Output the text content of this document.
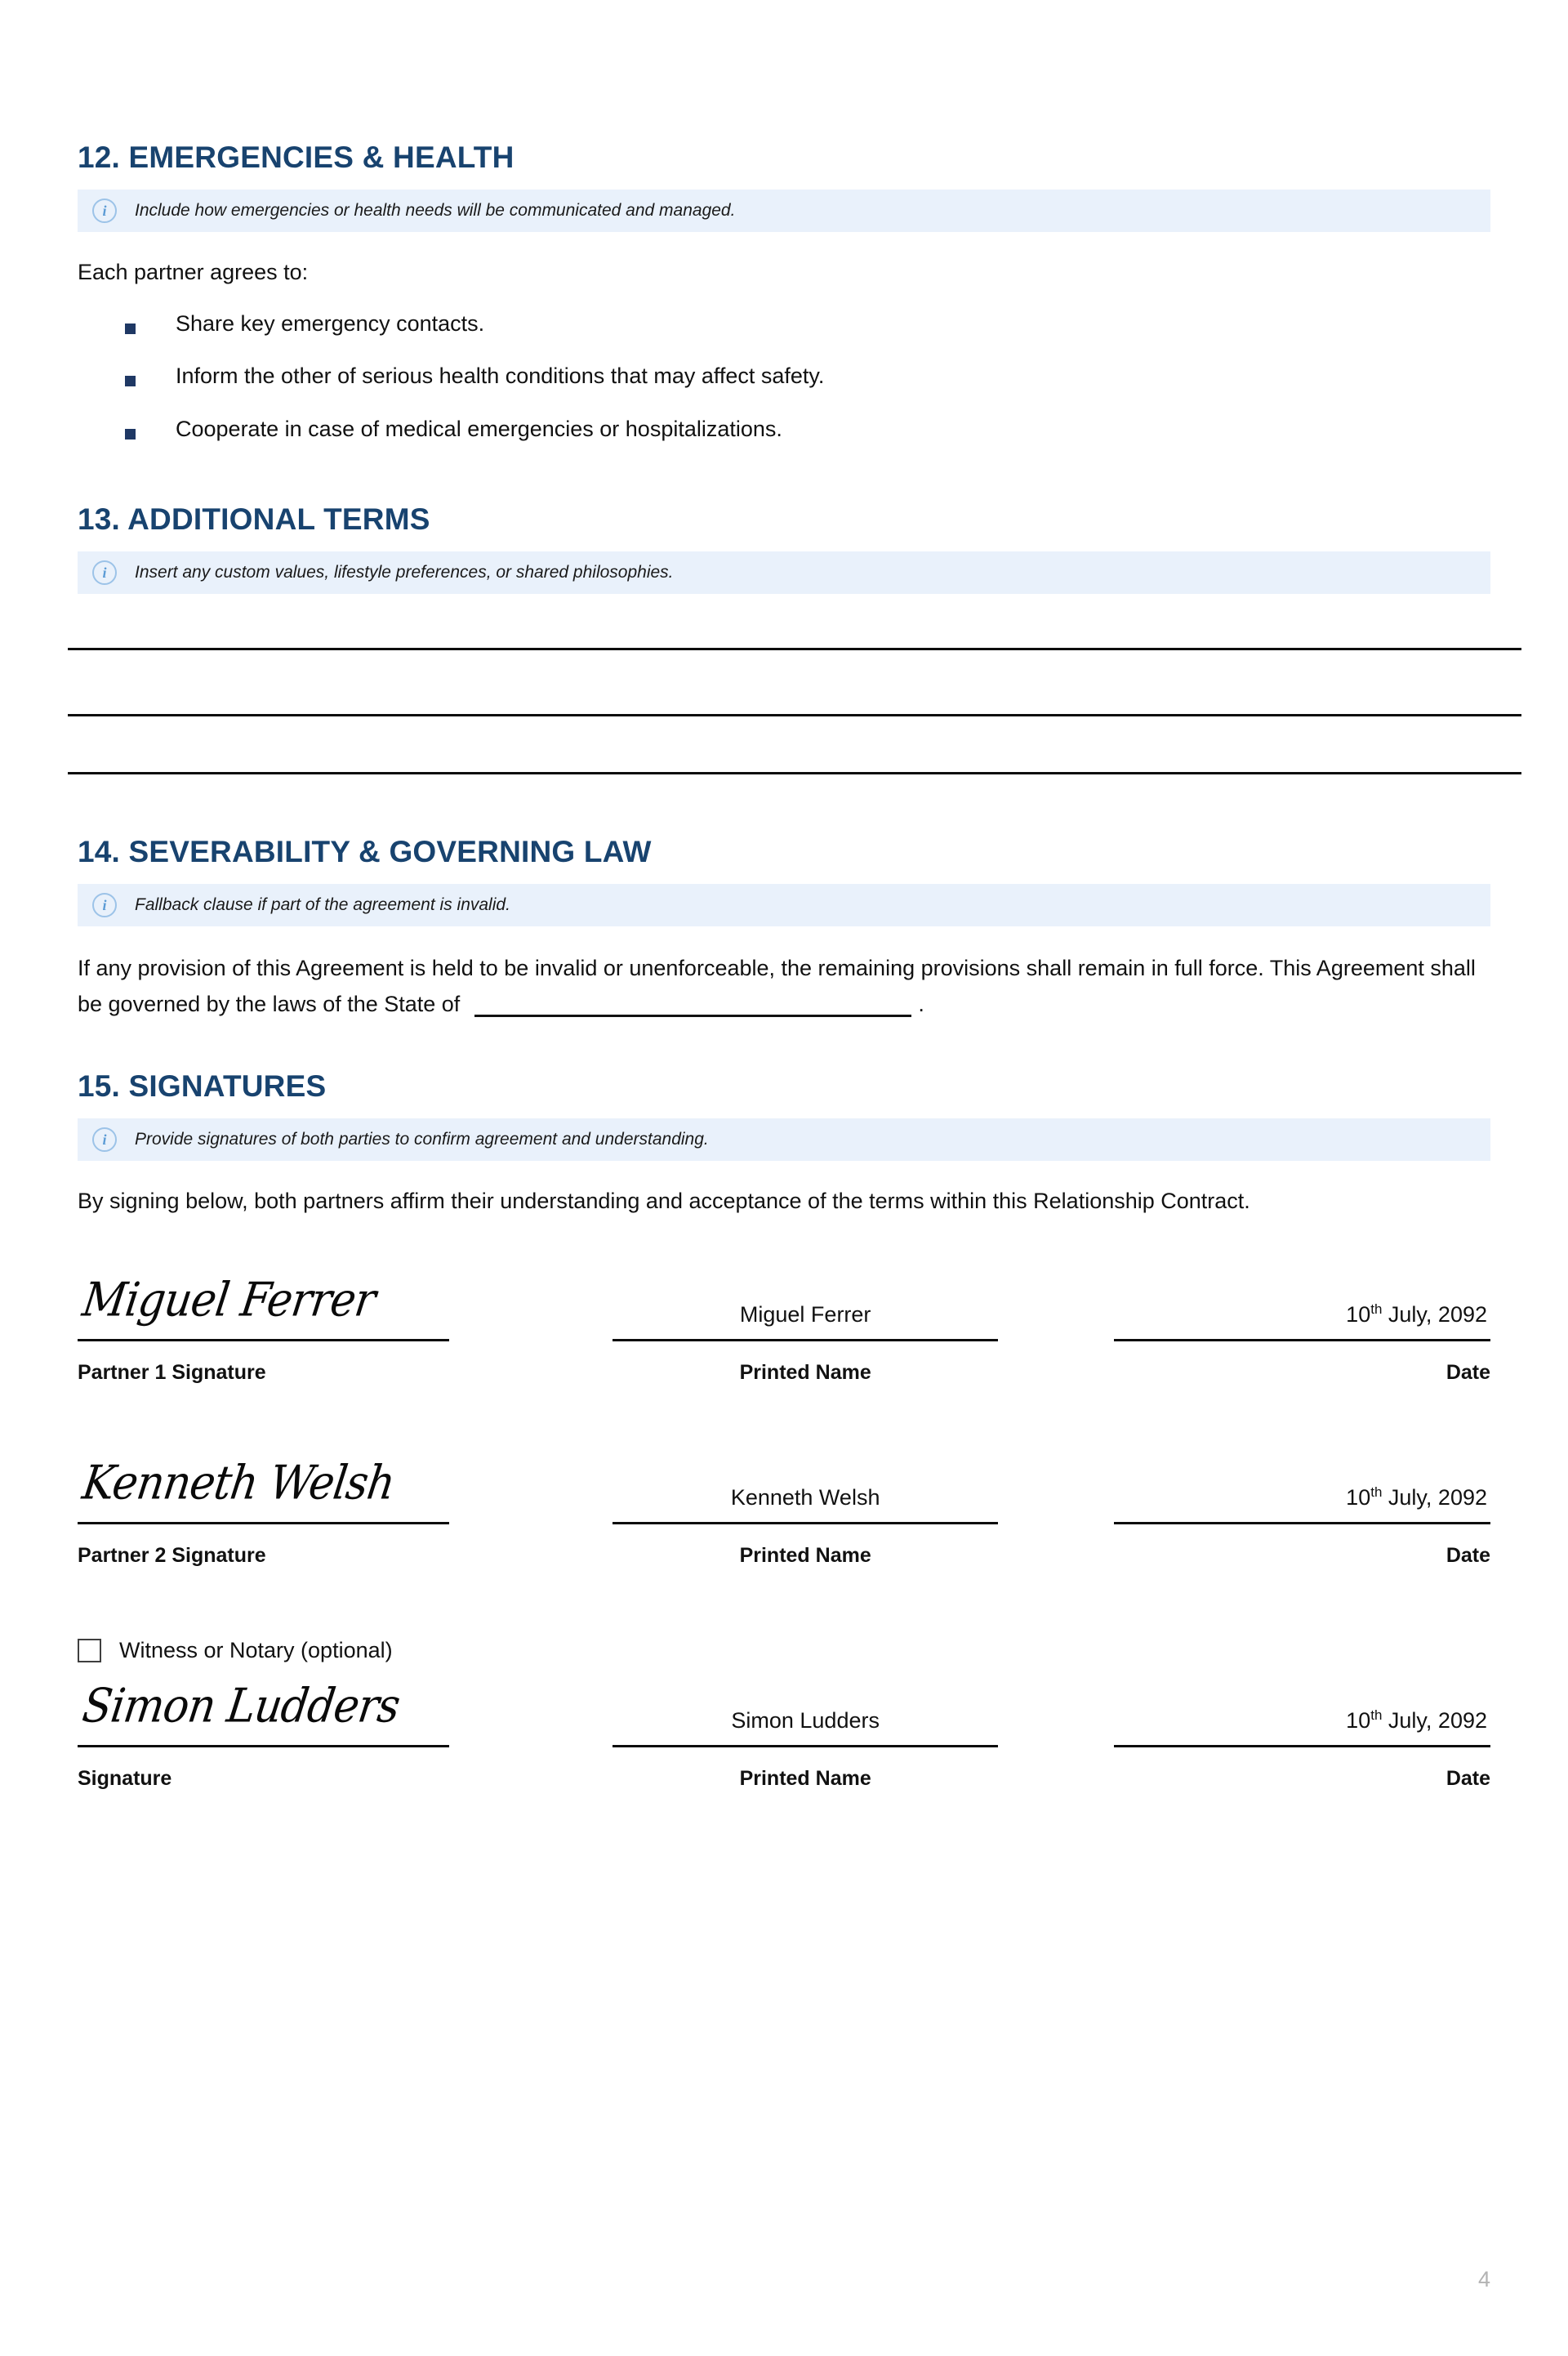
12. EMERGENCIES & HEALTH
i	Include how emergencies or health needs will be communicated and managed.
Each partner agrees to:
Share key emergency contacts.
Inform the other of serious health conditions that may affect safety.
Cooperate in case of medical emergencies or hospitalizations.
13. ADDITIONAL TERMS
i	Insert any custom values, lifestyle preferences, or shared philosophies.
14. SEVERABILITY & GOVERNING LAW
i	Fallback clause if part of the agreement is invalid.
If any provision of this Agreement is held to be invalid or unenforceable, the remaining provisions shall remain in full force. This Agreement shall be governed by the laws of the State of	.
15. SIGNATURES
i	Provide signatures of both parties to confirm agreement and understanding.
By signing below, both partners affirm their understanding and acceptance of the terms within this Relationship Contract.
Miguel Ferrer
Partner 1 Signature
Miguel Ferrer
Printed Name
10th July, 2092
Date
Kenneth Welsh
Partner 2 Signature
Kenneth Welsh
Printed Name
10th July, 2092
Date
Witness or Notary (optional)
Simon Ludders
Signature
Simon Ludders
Printed Name
10th July, 2092
Date
4
